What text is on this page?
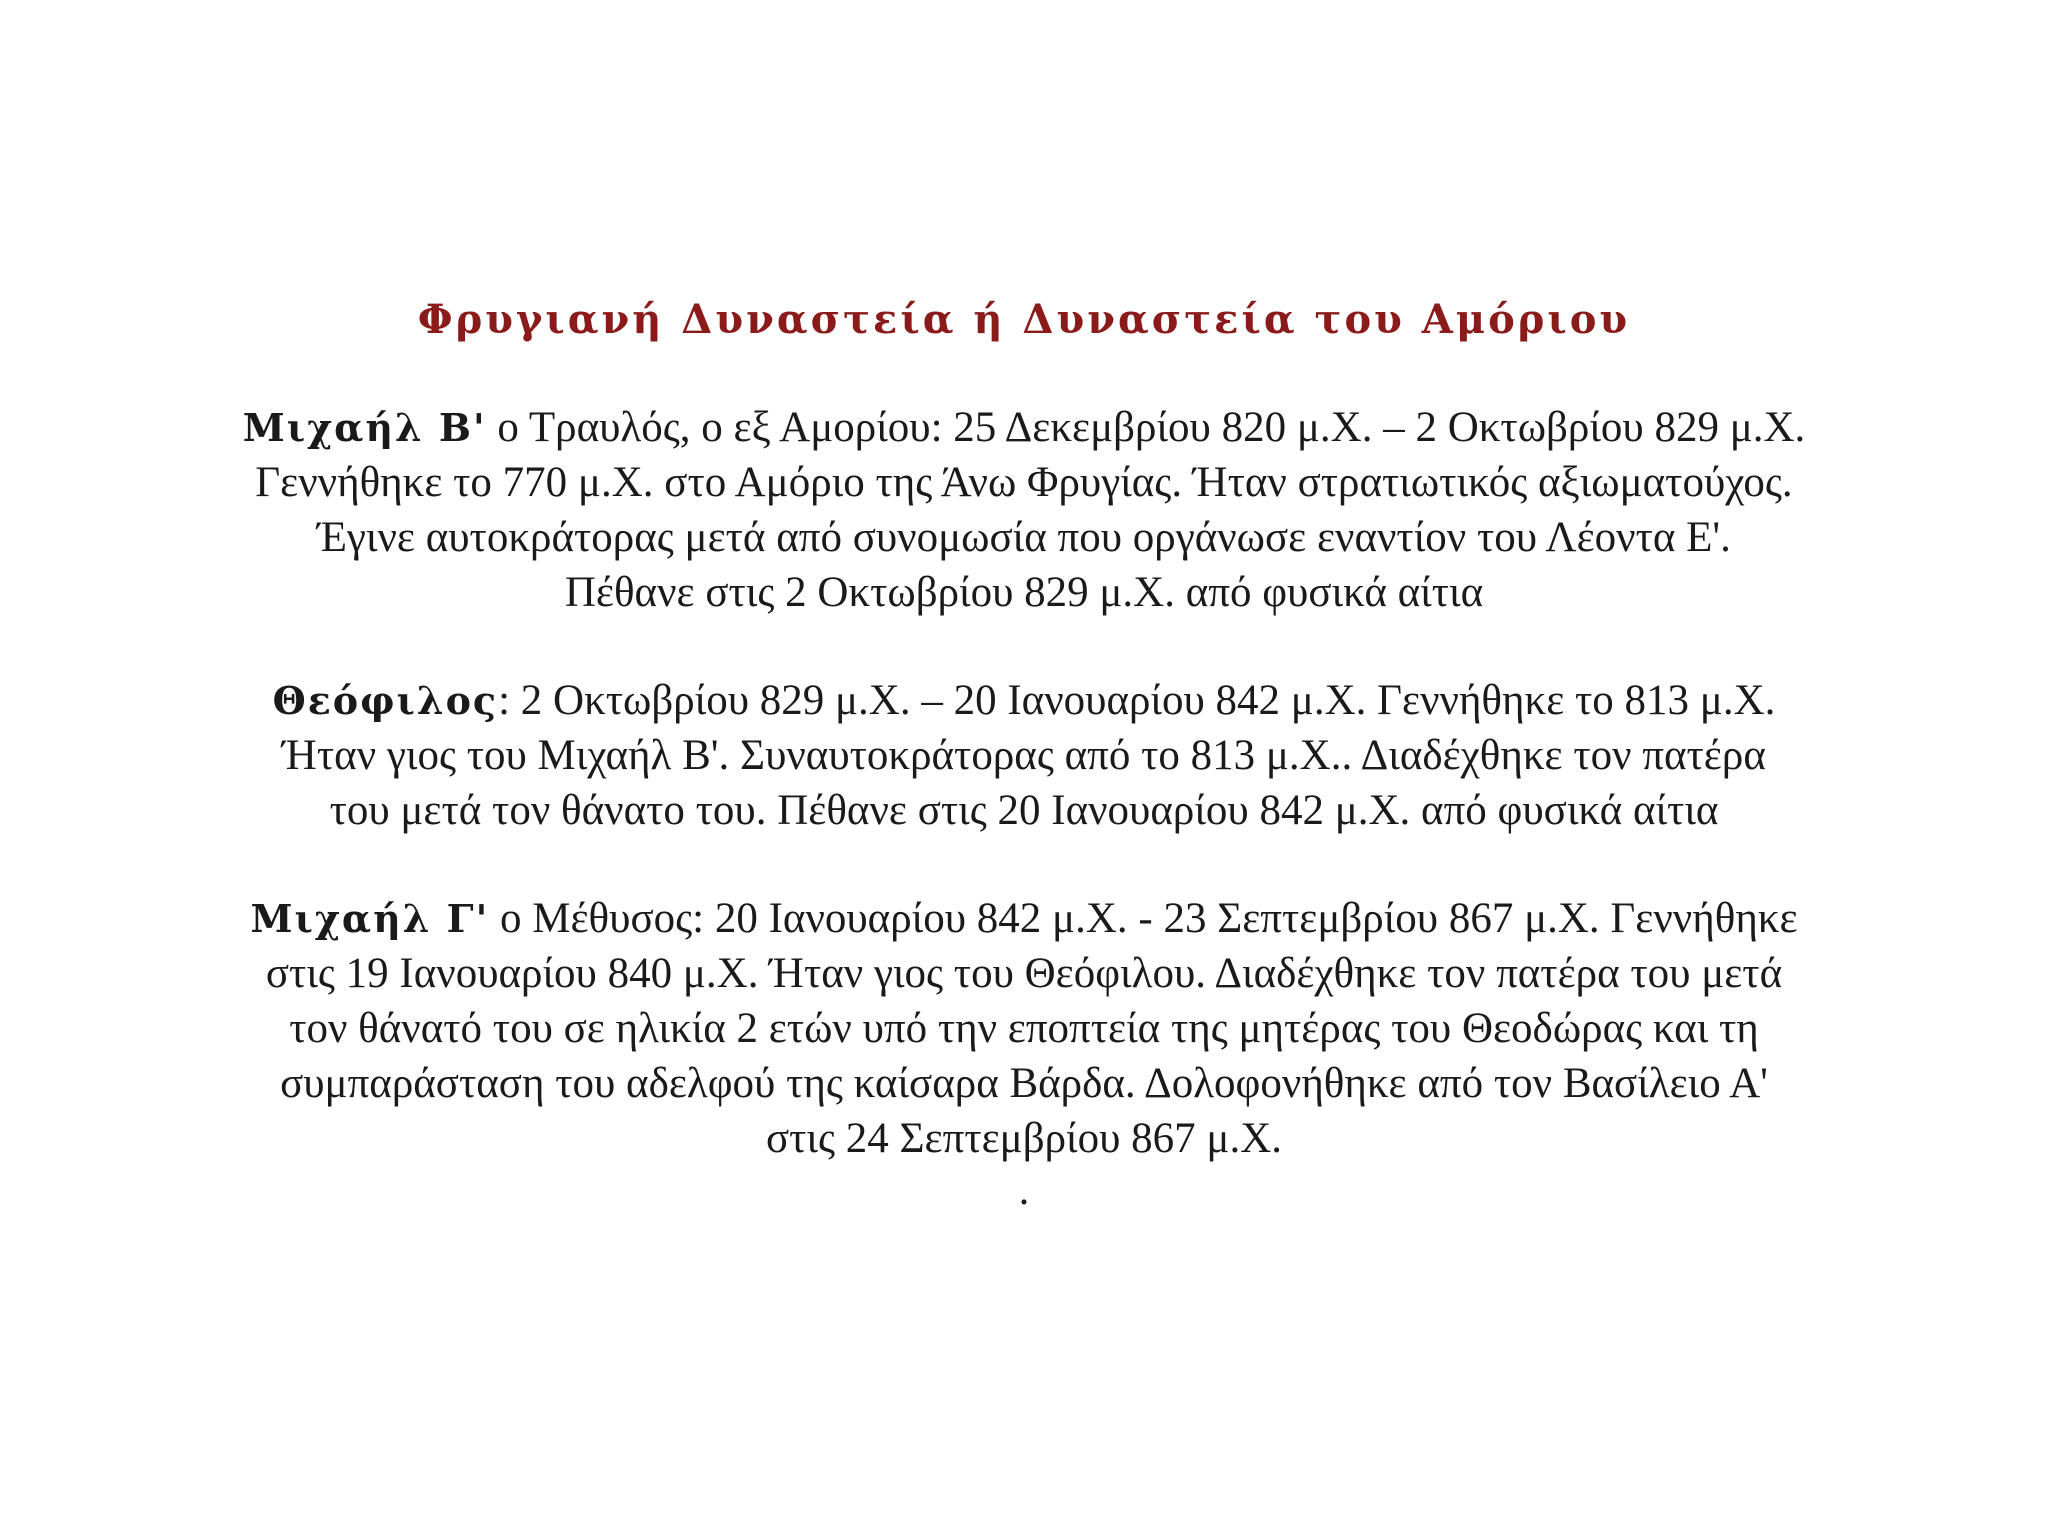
Φρυγιανή Δυναστεία ή Δυναστεία του Αμόριου
Μιχαήλ Β' ο Τραυλός, ο εξ Αμορίου: 25 Δεκεμβρίου 820 μ.Χ. – 2 Οκτωβρίου 829 μ.Χ.
Γεννήθηκε το 770 μ.Χ. στο Αμόριο της Άνω Φρυγίας. Ήταν στρατιωτικός αξιωματούχος.
Έγινε αυτοκράτορας μετά από συνομωσία που οργάνωσε εναντίον του Λέοντα Ε'.
Πέθανε στις 2 Οκτωβρίου 829 μ.Χ. από φυσικά αίτια
Θεόφιλος: 2 Οκτωβρίου 829 μ.Χ. – 20 Ιανουαρίου 842 μ.Χ. Γεννήθηκε το 813 μ.Χ.
Ήταν γιος του Μιχαήλ Β'. Συναυτοκράτορας από το 813 μ.Χ.. Διαδέχθηκε τον πατέρα
του μετά τον θάνατο του. Πέθανε στις 20 Ιανουαρίου 842 μ.Χ. από φυσικά αίτια
Μιχαήλ Γ' ο Μέθυσος: 20 Ιανουαρίου 842 μ.Χ. - 23 Σεπτεμβρίου 867 μ.Χ. Γεννήθηκε
στις 19 Ιανουαρίου 840 μ.Χ. Ήταν γιος του Θεόφιλου. Διαδέχθηκε τον πατέρα του μετά
τον θάνατό του σε ηλικία 2 ετών υπό την εποπτεία της μητέρας του Θεοδώρας και τη
συμπαράσταση του αδελφού της καίσαρα Βάρδα. Δολοφονήθηκε από τον Βασίλειο Α'
στις 24 Σεπτεμβρίου 867 μ.Χ.
.
